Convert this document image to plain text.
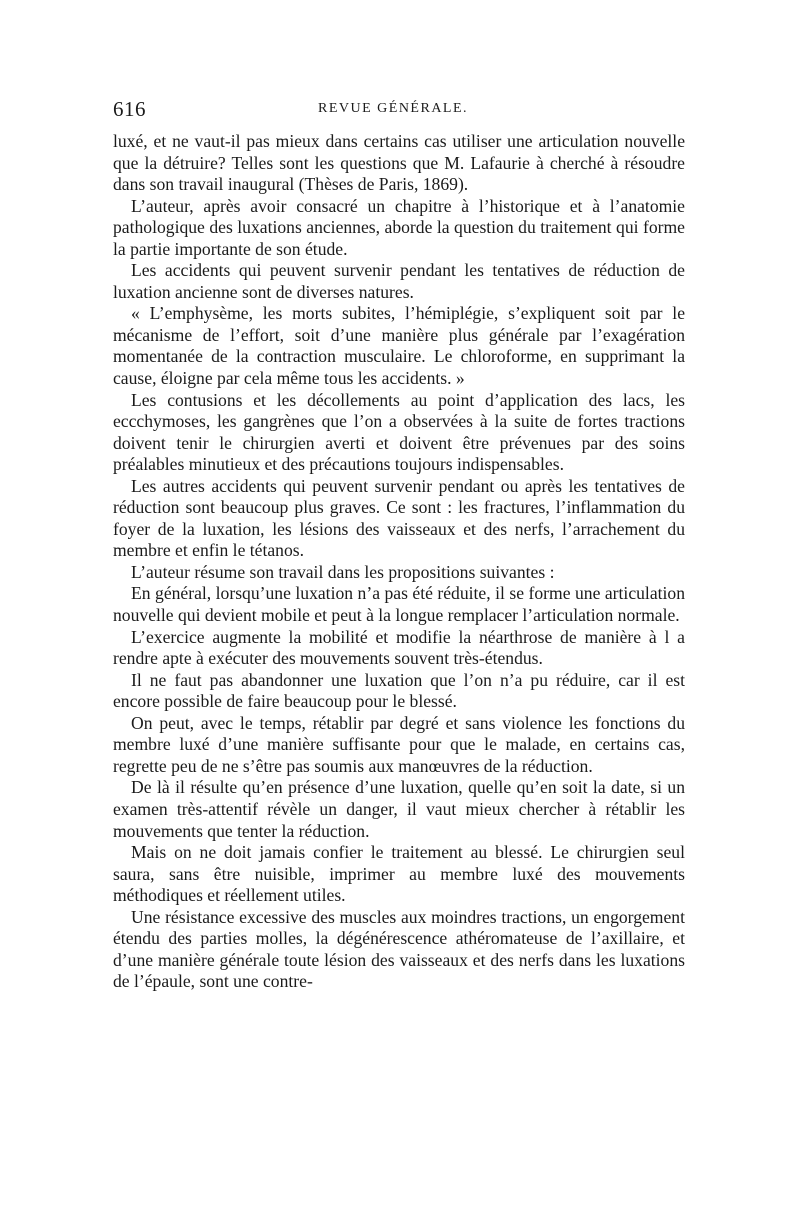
616	REVUE GÉNÉRALE.

luxé, et ne vaut-il pas mieux dans certains cas utiliser une articulation nouvelle que la détruire? Telles sont les questions que M. Lafaurie à cherché à résoudre dans son travail inaugural (Thèses de Paris, 1869).

L’auteur, après avoir consacré un chapitre à l’historique et à l’anatomie pathologique des luxations anciennes, aborde la question du traitement qui forme la partie importante de son étude.

Les accidents qui peuvent survenir pendant les tentatives de réduction de luxation ancienne sont de diverses natures.

« L’emphysème, les morts subites, l’hémiplégie, s’expliquent soit par le mécanisme de l’effort, soit d’une manière plus générale par l’exagération momentanée de la contraction musculaire. Le chloroforme, en supprimant la cause, éloigne par cela même tous les accidents. »

Les contusions et les décollements au point d’application des lacs, les eccchymoses, les gangrènes que l’on a observées à la suite de fortes tractions doivent tenir le chirurgien averti et doivent être prévenues par des soins préalables minutieux et des précautions toujours indispensables.

Les autres accidents qui peuvent survenir pendant ou après les tentatives de réduction sont beaucoup plus graves. Ce sont : les fractures, l’inflammation du foyer de la luxation, les lésions des vaisseaux et des nerfs, l’arrachement du membre et enfin le tétanos.

L’auteur résume son travail dans les propositions suivantes :

En général, lorsqu’une luxation n’a pas été réduite, il se forme une articulation nouvelle qui devient mobile et peut à la longue remplacer l’articulation normale.

L’exercice augmente la mobilité et modifie la néarthrose de manière à l a rendre apte à exécuter des mouvements souvent très-étendus.

Il ne faut pas abandonner une luxation que l’on n’a pu réduire, car il est encore possible de faire beaucoup pour le blessé.

On peut, avec le temps, rétablir par degré et sans violence les fonctions du membre luxé d’une manière suffisante pour que le malade, en certains cas, regrette peu de ne s’être pas soumis aux manœuvres de la réduction.

De là il résulte qu’en présence d’une luxation, quelle qu’en soit la date, si un examen très-attentif révèle un danger, il vaut mieux chercher à rétablir les mouvements que tenter la réduction.

Mais on ne doit jamais confier le traitement au blessé. Le chirurgien seul saura, sans être nuisible, imprimer au membre luxé des mouvements méthodiques et réellement utiles.

Une résistance excessive des muscles aux moindres tractions, un engorgement étendu des parties molles, la dégénérescence athéromateuse de l’axillaire, et d’une manière générale toute lésion des vaisseaux et des nerfs dans les luxations de l’épaule, sont une contre-
